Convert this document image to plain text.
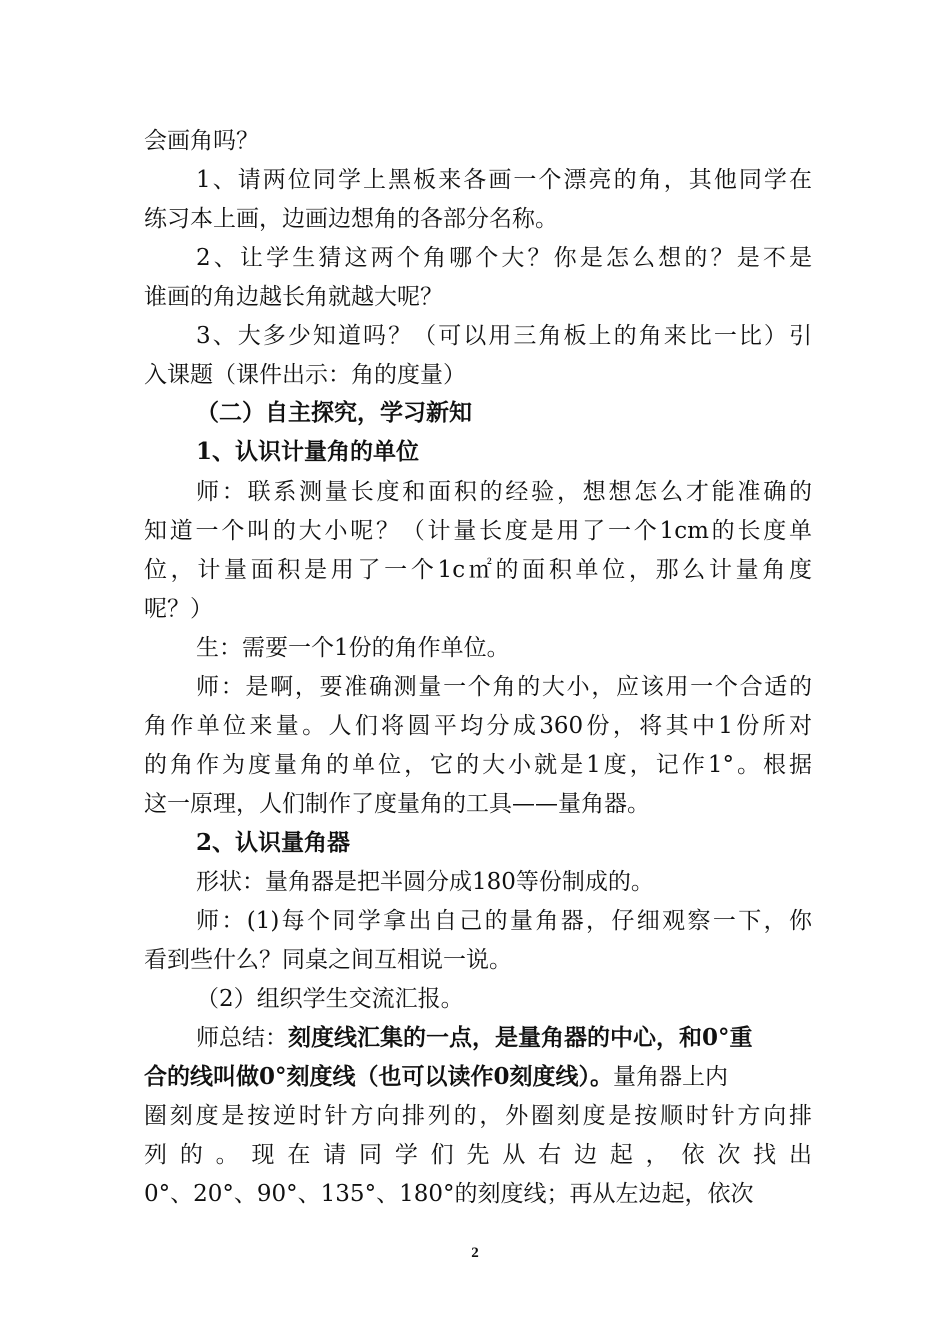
会画角吗？
1、请两位同学上黑板来各画一个漂亮的角，其他同学在
练习本上画，边画边想角的各部分名称。
2、让学生猜这两个角哪个大？你是怎么想的？是不是
谁画的角边越长角就越大呢？
3、大多少知道吗？（可以用三角板上的角来比一比）引
入课题（课件出示：角的度量）
（二）自主探究，学习新知
1、认识计量角的单位
师：联系测量长度和面积的经验，想想怎么才能准确的
知道一个叫的大小呢？（计量长度是用了一个1cm的长度单
位，计量面积是用了一个1c㎡的面积单位，那么计量角度
呢？）
生：需要一个1份的角作单位。
师：是啊，要准确测量一个角的大小，应该用一个合适的
角作单位来量。人们将圆平均分成360份，将其中1份所对
的角作为度量角的单位，它的大小就是1度，记作1°。根据
这一原理，人们制作了度量角的工具——量角器。
2、认识量角器
形状：量角器是把半圆分成180等份制成的。
师：(1)每个同学拿出自己的量角器，仔细观察一下，你
看到些什么？同桌之间互相说一说。
（2）组织学生交流汇报。
师总结：刻度线汇集的一点，是量角器的中心，和0°重
合的线叫做0°刻度线（也可以读作0刻度线）。量角器上内
圈刻度是按逆时针方向排列的，外圈刻度是按顺时针方向排
列的。现在请同学们先从右边起，依次找出
0°、20°、90°、135°、180°的刻度线；再从左边起，依次
2
